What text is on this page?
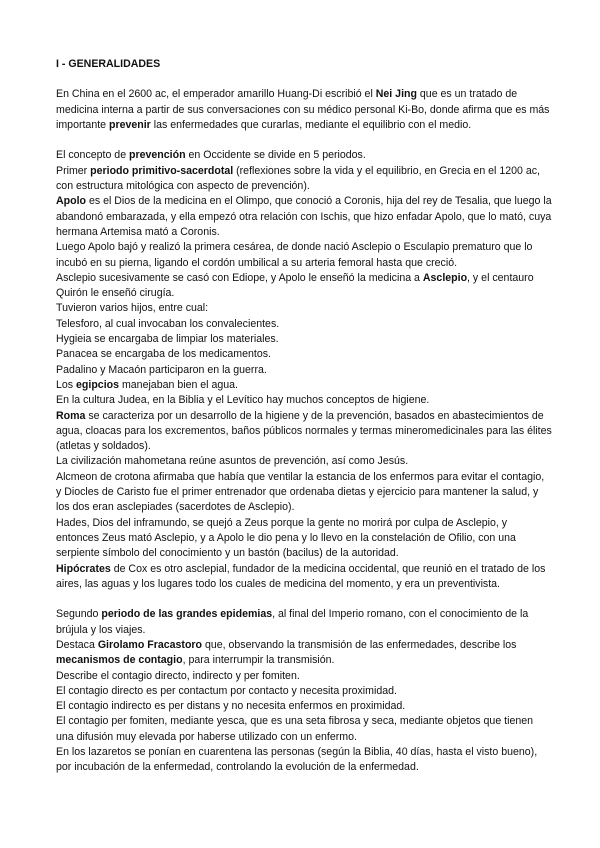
I - GENERALIDADES

En China en el 2600 ac, el emperador amarillo Huang-Di escribió el Nei Jing que es un tratado de medicina interna a partir de sus conversaciones con su médico personal Ki-Bo, donde afirma que es más importante prevenir las enfermedades que curarlas, mediante el equilibrio con el medio.

El concepto de prevención en Occidente se divide en 5 periodos.

Primer periodo primitivo-sacerdotal (reflexiones sobre la vida y el equilibrio, en Grecia en el 1200 ac, con estructura mitológica con aspecto de prevención).

Apolo es el Dios de la medicina en el Olimpo, que conoció a Coronis, hija del rey de Tesalia, que luego la abandonó embarazada, y ella empezó otra relación con Ischis, que hizo enfadar Apolo, que lo mató, cuya hermana Artemisa mató a Coronis.

Luego Apolo bajó y realizó la primera cesárea, de donde nació Asclepio o Esculapio prematuro que lo incubó en su pierna, ligando el cordón umbilical a su arteria femoral hasta que creció.

Asclepio sucesivamente se casó con Ediope, y Apolo le enseñó la medicina a Asclepio, y el centauro Quirón le enseñó cirugía.

Tuvieron varios hijos, entre cual:

Telesforo, al cual invocaban los convalecientes.

Hygieia se encargaba de limpiar los materiales.

Panacea se encargaba de los medicamentos.

Padalino y Macaón participaron en la guerra.

Los egipcios manejaban bien el agua.

En la cultura Judea, en la Biblia y el Levítico hay muchos conceptos de higiene.

Roma se caracteriza por un desarrollo de la higiene y de la prevención, basados en abastecimientos de agua, cloacas para los excrementos, baños públicos normales y termas mineromedicinales para las élites (atletas y soldados).

La civilización mahometana reúne asuntos de prevención, así como Jesús.

Alcmeon de crotona afirmaba que había que ventilar la estancia de los enfermos para evitar el contagio, y Diocles de Caristo fue el primer entrenador que ordenaba dietas y ejercicio para mantener la salud, y los dos eran asclepiades (sacerdotes de Asclepio).

Hades, Dios del inframundo, se quejó a Zeus porque la gente no morirá por culpa de Asclepio, y entonces Zeus mató Asclepio, y a Apolo le dio pena y lo llevo en la constelación de Ofilio, con una serpiente símbolo del conocimiento y un bastón (bacilus) de la autoridad.

Hipócrates de Cox es otro asclepial, fundador de la medicina occidental, que reunió en el tratado de los aires, las aguas y los lugares todo los cuales de medicina del momento, y era un preventivista.

Segundo periodo de las grandes epidemias, al final del Imperio romano, con el conocimiento de la brújula y los viajes.

Destaca Girolamo Fracastoro que, observando la transmisión de las enfermedades, describe los mecanismos de contagio, para interrumpir la transmisión.

Describe el contagio directo, indirecto y per fomiten.

El contagio directo es per contactum por contacto y necesita proximidad.

El contagio indirecto es per distans y no necesita enfermos en proximidad.

El contagio per fomiten, mediante yesca, que es una seta fibrosa y seca, mediante objetos que tienen una difusión muy elevada por haberse utilizado con un enfermo.

En los lazaretos se ponían en cuarentena las personas (según la Biblia, 40 días, hasta el visto bueno), por incubación de la enfermedad, controlando la evolución de la enfermedad.
